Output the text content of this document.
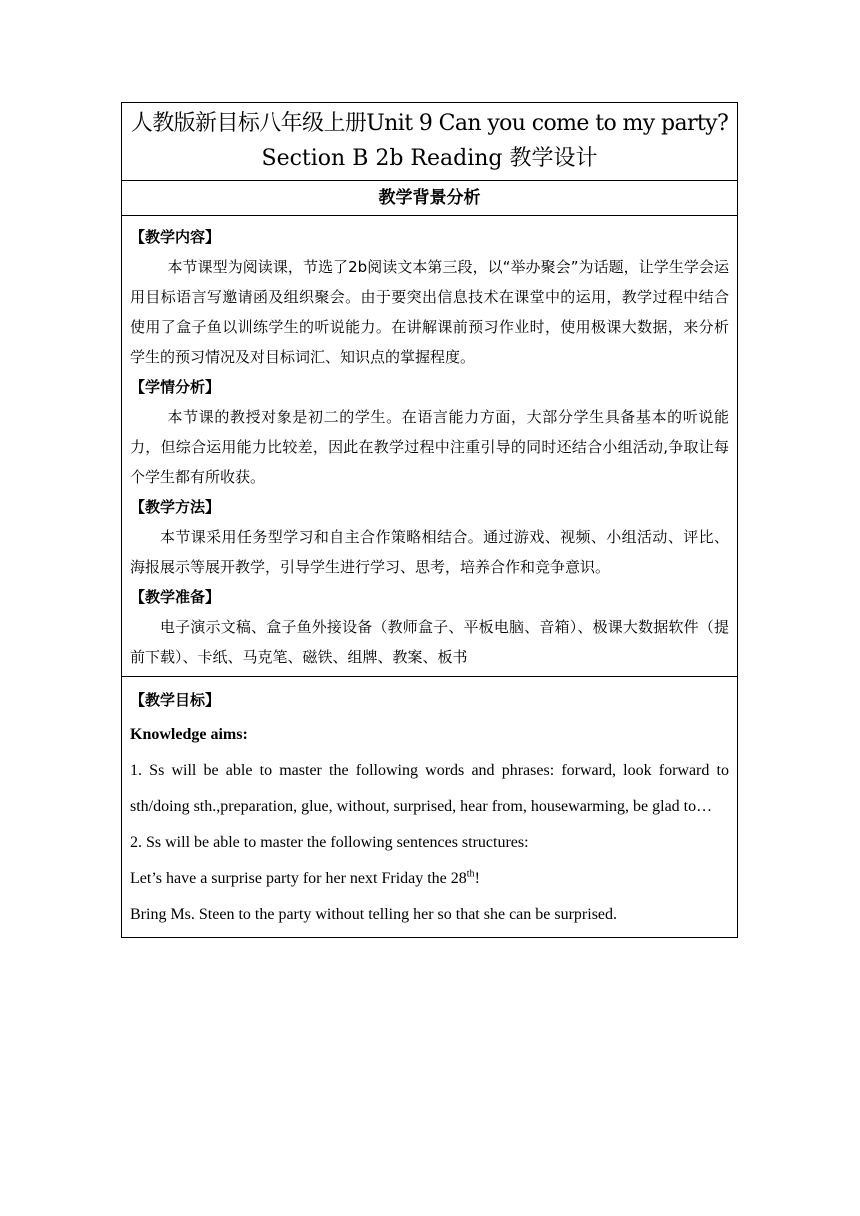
人教版新目标八年级上册Unit 9 Can you come to my party?
Section B 2b Reading 教学设计

教学背景分析

【教学内容】

本节课型为阅读课，节选了2b阅读文本第三段，以“举办聚会”为话题，让学生学会运用目标语言写邀请函及组织聚会。由于要突出信息技术在课堂中的运用，教学过程中结合使用了盒子鱼以训练学生的听说能力。在讲解课前预习作业时，使用极课大数据，来分析学生的预习情况及对目标词汇、知识点的掌握程度。

【学情分析】

本节课的教授对象是初二的学生。在语言能力方面，大部分学生具备基本的听说能力，但综合运用能力比较差，因此在教学过程中注重引导的同时还结合小组活动,争取让每个学生都有所收获。

【教学方法】

本节课采用任务型学习和自主合作策略相结合。通过游戏、视频、小组活动、评比、海报展示等展开教学，引导学生进行学习、思考，培养合作和竞争意识。

【教学准备】

电子演示文稿、盒子鱼外接设备（教师盒子、平板电脑、音箱）、极课大数据软件（提前下载）、卡纸、马克笔、磁铁、组牌、教案、板书

【教学目标】
Knowledge aims:

1. Ss will be able to master the following words and phrases: forward, look forward to sth/doing sth.,preparation, glue, without, surprised, hear from, housewarming, be glad to…

2. Ss will be able to master the following sentences structures:

Let’s have a surprise party for her next Friday the 28th!

Bring Ms. Steen to the party without telling her so that she can be surprised.
